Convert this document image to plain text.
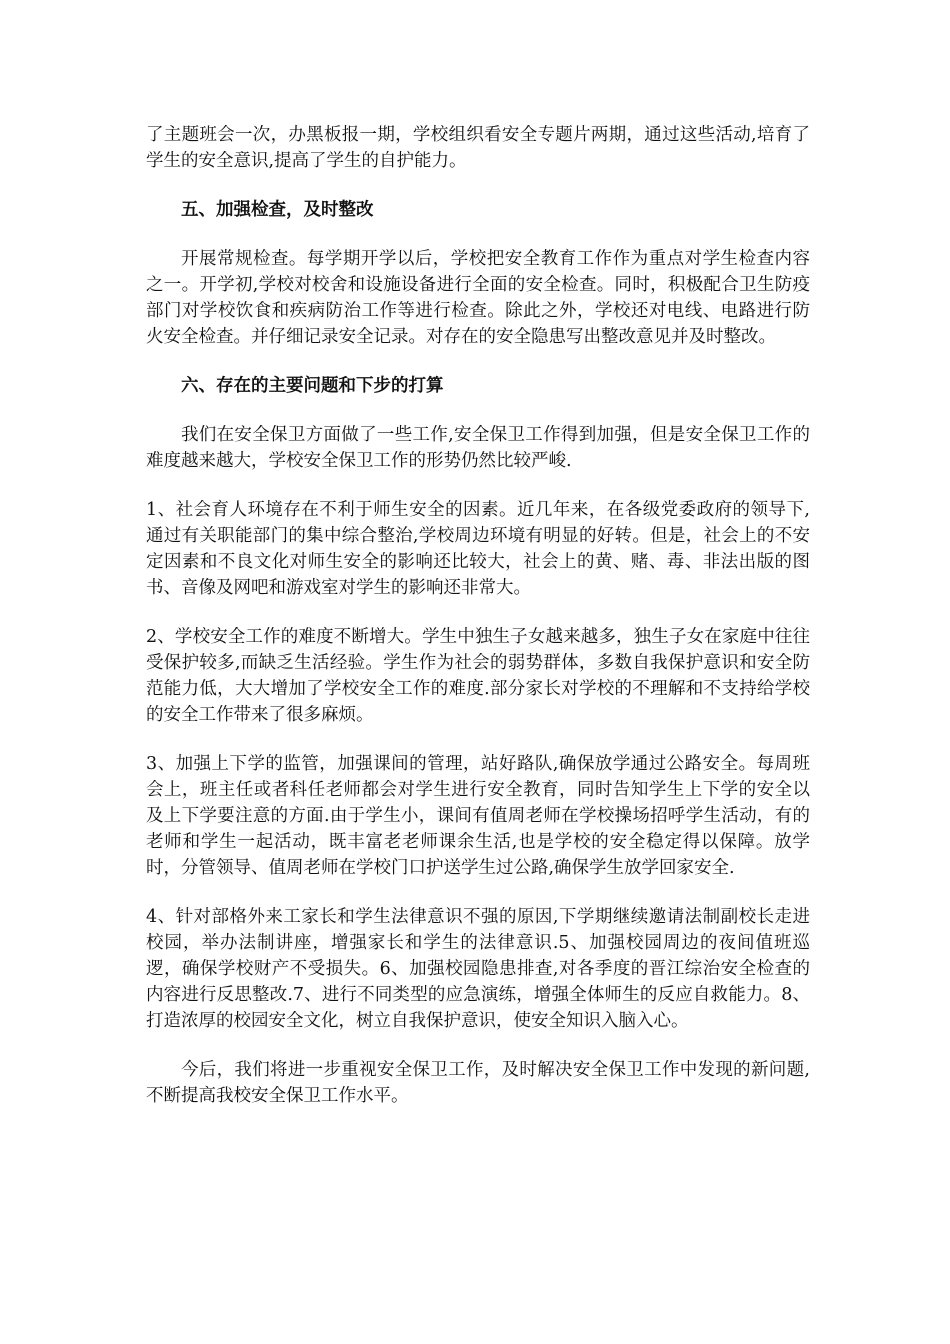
了主题班会一次，办黑板报一期，学校组织看安全专题片两期，通过这些活动,培育了学生的安全意识,提高了学生的自护能力。

五、加强检查，及时整改

开展常规检查。每学期开学以后，学校把安全教育工作作为重点对学生检查内容之一。开学初,学校对校舍和设施设备进行全面的安全检查。同时，积极配合卫生防疫部门对学校饮食和疾病防治工作等进行检查。除此之外，学校还对电线、电路进行防火安全检查。并仔细记录安全记录。对存在的安全隐患写出整改意见并及时整改。

六、存在的主要问题和下步的打算

我们在安全保卫方面做了一些工作,安全保卫工作得到加强，但是安全保卫工作的难度越来越大，学校安全保卫工作的形势仍然比较严峻.

1、社会育人环境存在不利于师生安全的因素。近几年来，在各级党委政府的领导下,通过有关职能部门的集中综合整治,学校周边环境有明显的好转。但是，社会上的不安定因素和不良文化对师生安全的影响还比较大，社会上的黄、赌、毒、非法出版的图书、音像及网吧和游戏室对学生的影响还非常大。

2、学校安全工作的难度不断增大。学生中独生子女越来越多，独生子女在家庭中往往受保护较多,而缺乏生活经验。学生作为社会的弱势群体，多数自我保护意识和安全防范能力低，大大增加了学校安全工作的难度.部分家长对学校的不理解和不支持给学校的安全工作带来了很多麻烦。

3、加强上下学的监管，加强课间的管理，站好路队,确保放学通过公路安全。每周班会上，班主任或者科任老师都会对学生进行安全教育，同时告知学生上下学的安全以及上下学要注意的方面.由于学生小，课间有值周老师在学校操场招呼学生活动，有的老师和学生一起活动，既丰富老老师课余生活,也是学校的安全稳定得以保障。放学时，分管领导、值周老师在学校门口护送学生过公路,确保学生放学回家安全.

4、针对部格外来工家长和学生法律意识不强的原因,下学期继续邀请法制副校长走进校园，举办法制讲座，增强家长和学生的法律意识.5、加强校园周边的夜间值班巡逻，确保学校财产不受损失。6、加强校园隐患排查,对各季度的晋江综治安全检查的内容进行反思整改.7、进行不同类型的应急演练，增强全体师生的反应自救能力。8、打造浓厚的校园安全文化，树立自我保护意识，使安全知识入脑入心。

今后，我们将进一步重视安全保卫工作，及时解决安全保卫工作中发现的新问题,不断提高我校安全保卫工作水平。
